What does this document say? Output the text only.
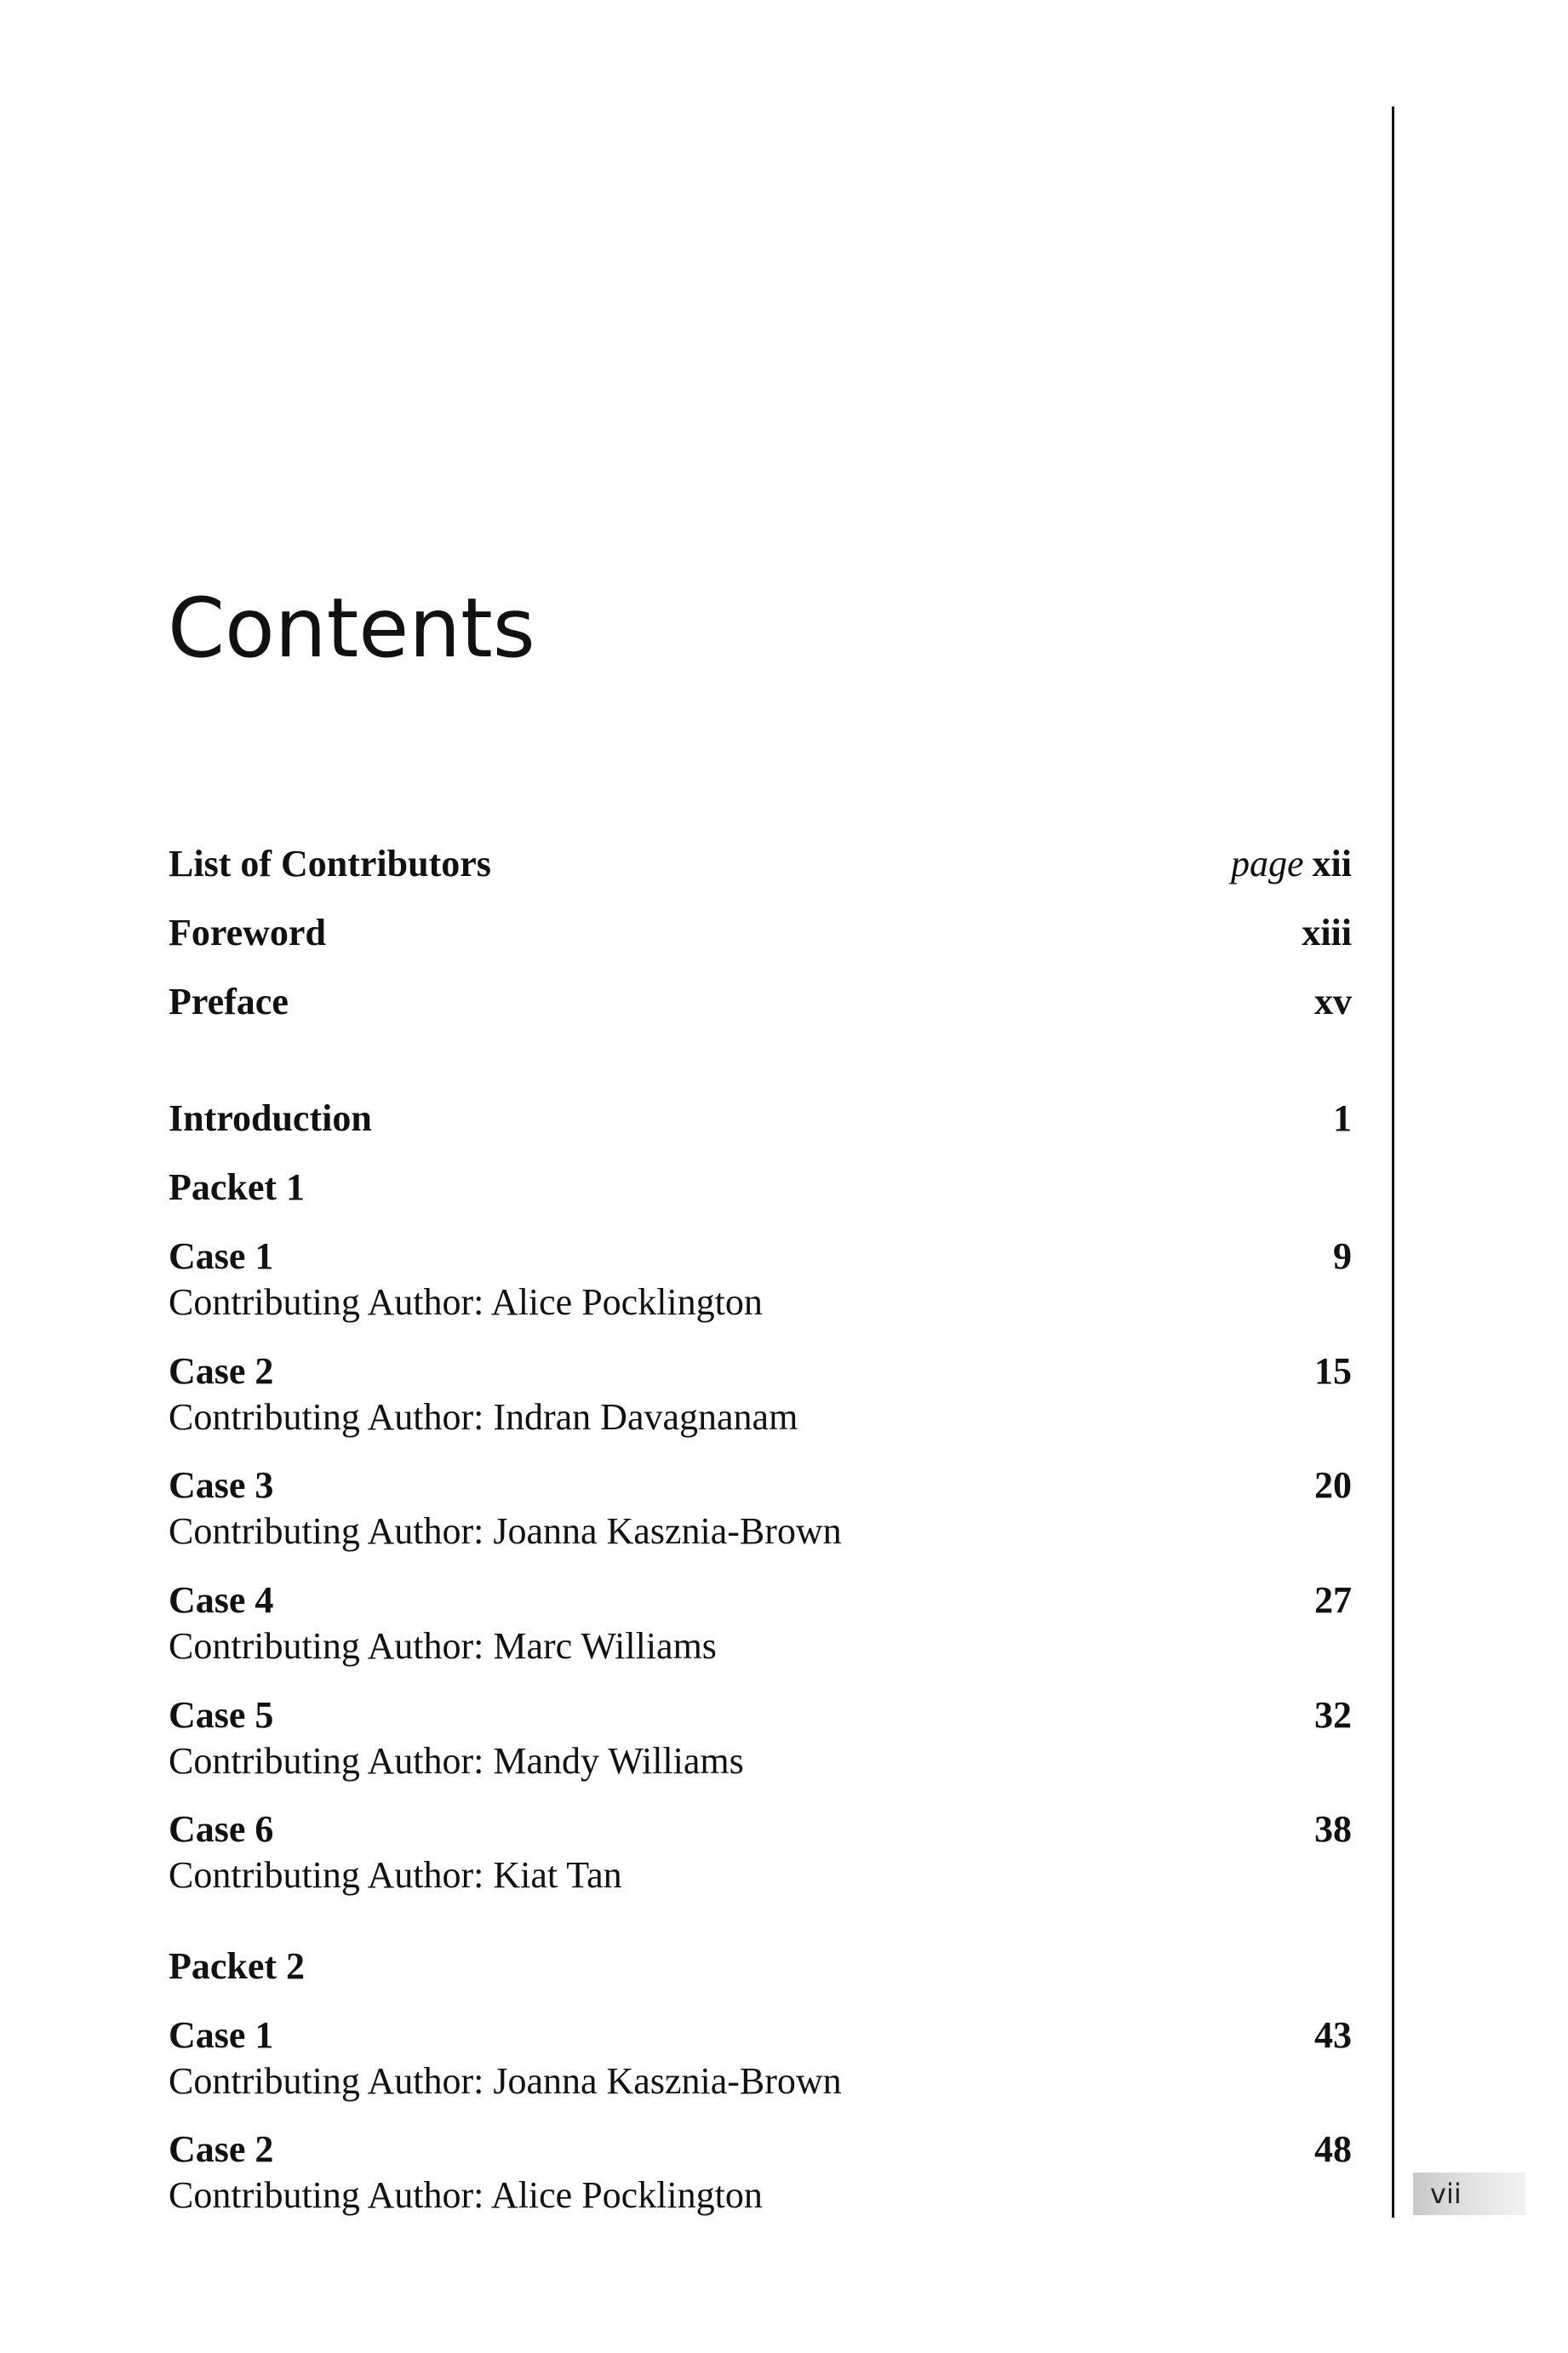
Contents
List of Contributors	page xii
Foreword	xiii
Preface	xv
Introduction	1
Packet 1
Case 1	9
Contributing Author: Alice Pocklington
Case 2	15
Contributing Author: Indran Davagnanam
Case 3	20
Contributing Author: Joanna Kasznia-Brown
Case 4	27
Contributing Author: Marc Williams
Case 5	32
Contributing Author: Mandy Williams
Case 6	38
Contributing Author: Kiat Tan
Packet 2
Case 1	43
Contributing Author: Joanna Kasznia-Brown
Case 2	48
Contributing Author: Alice Pocklington	vii
